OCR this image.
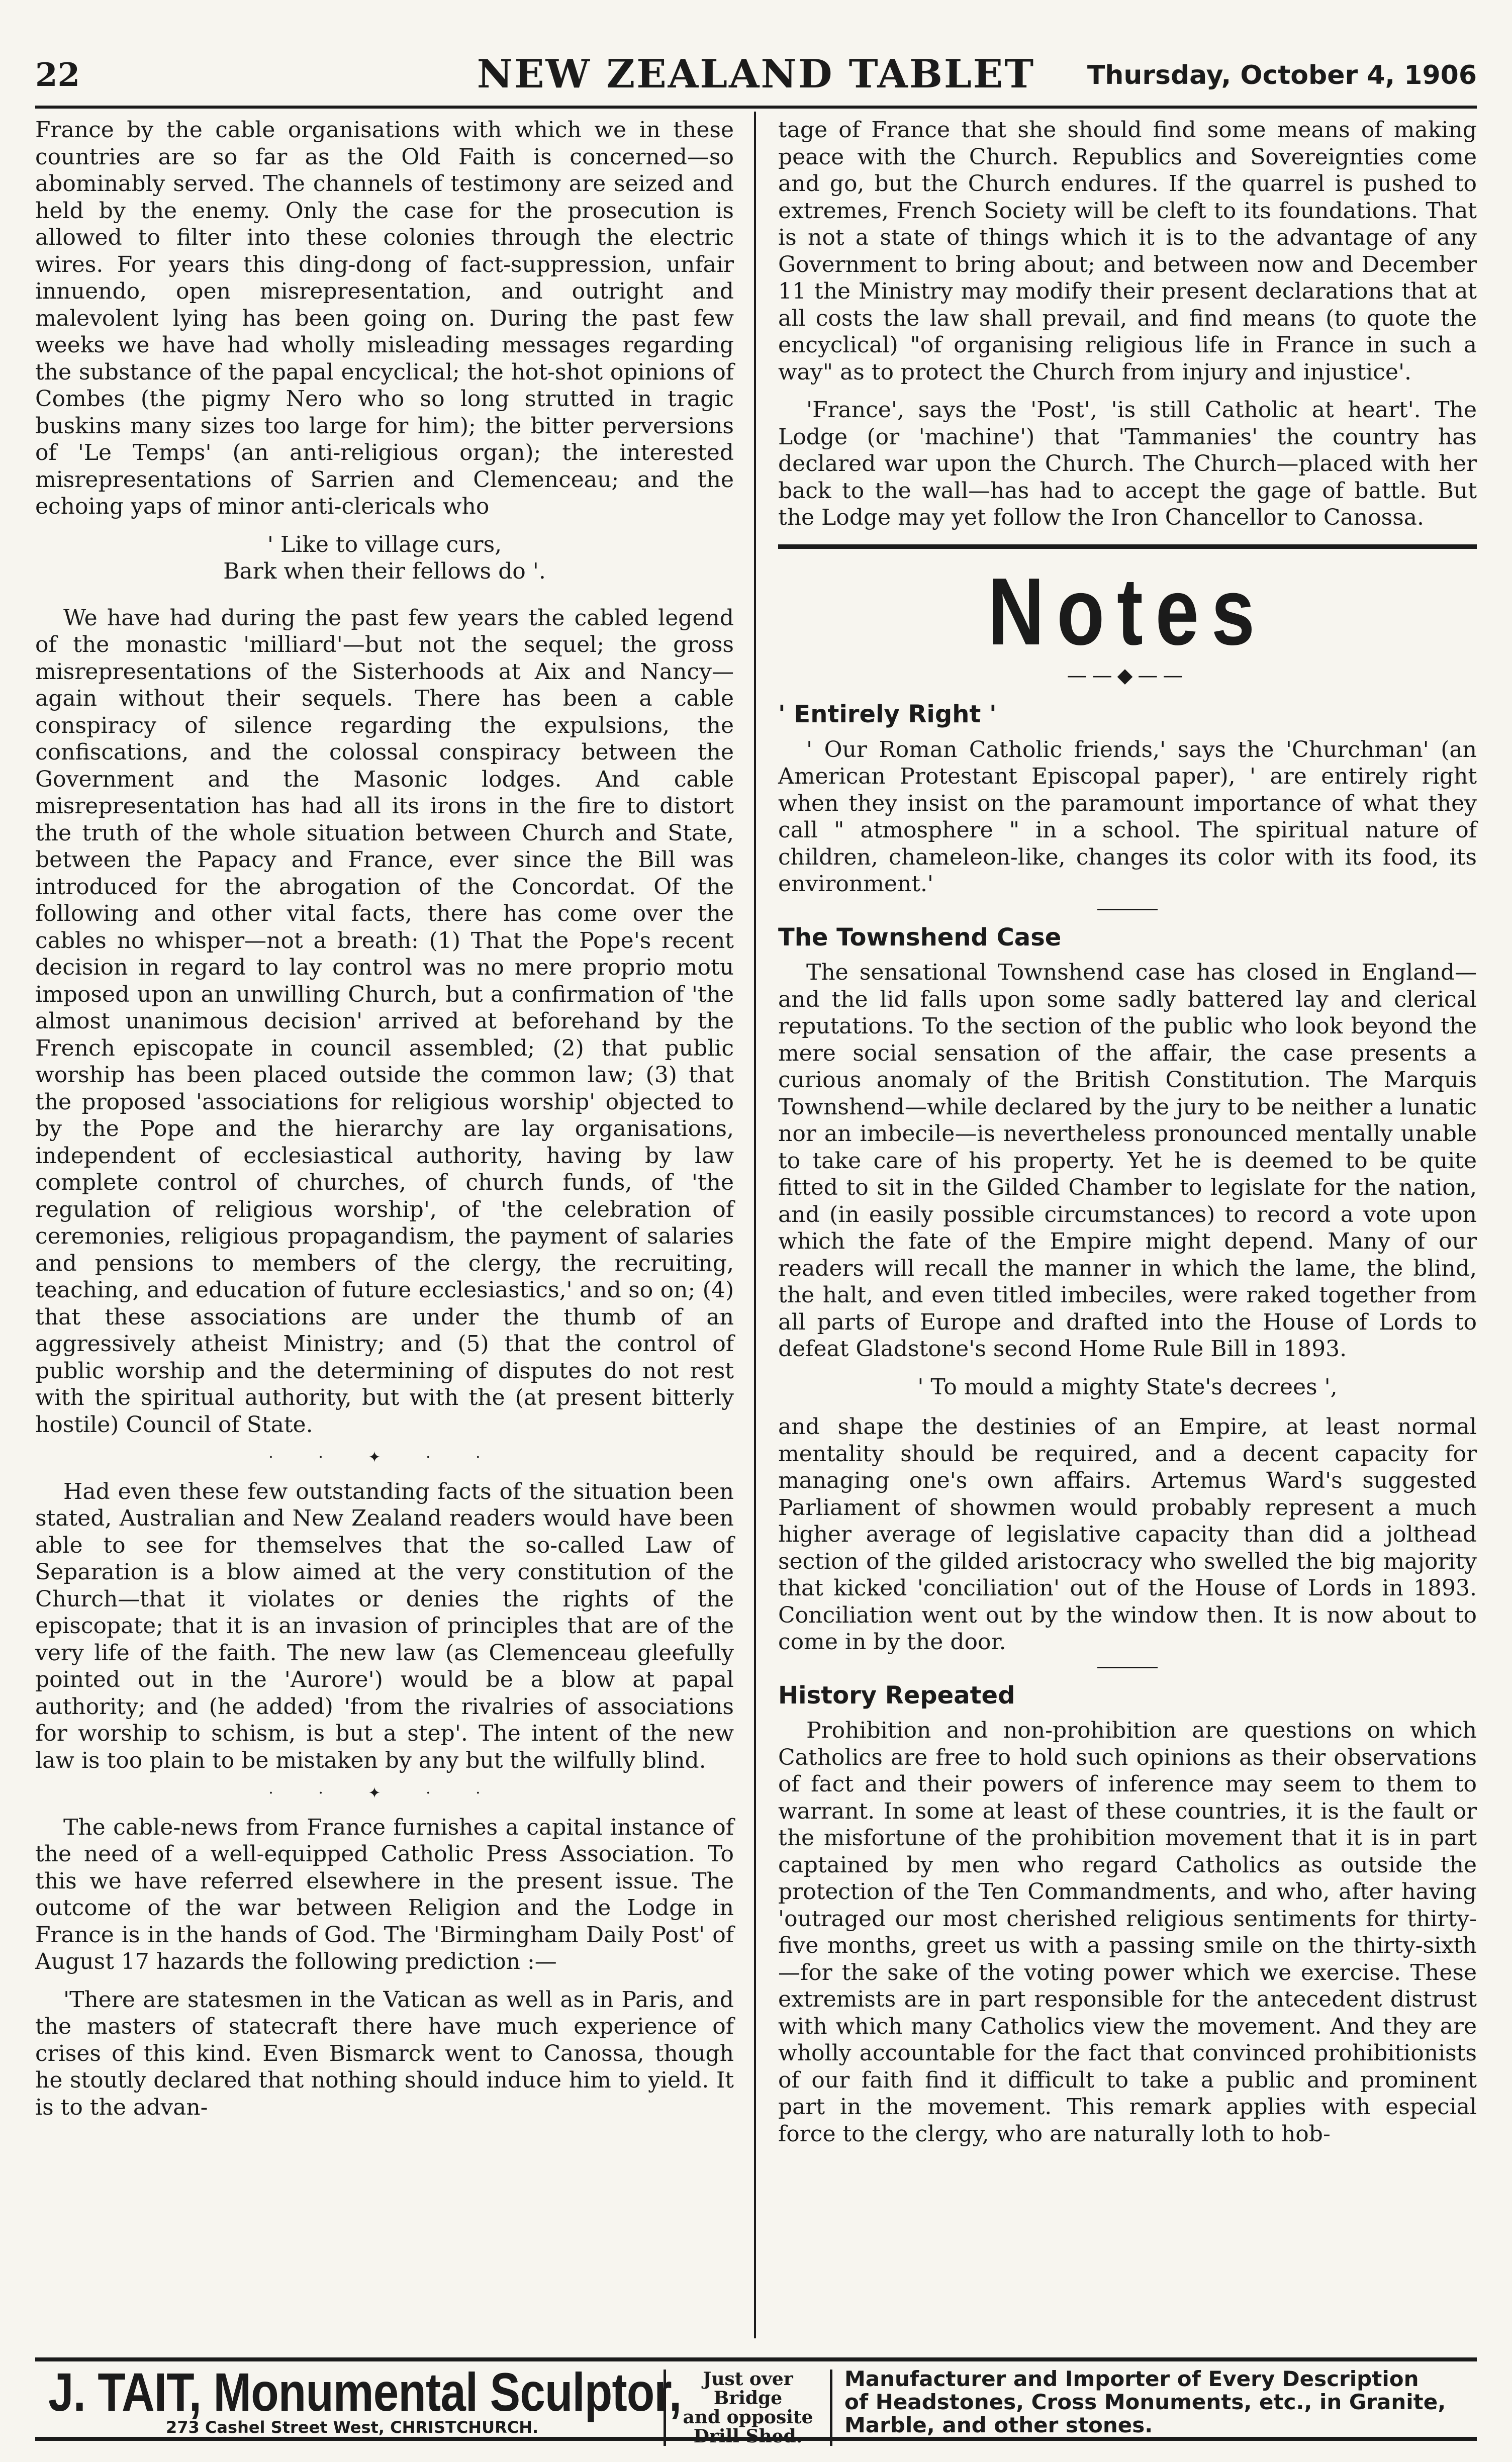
22	NEW ZEALAND TABLET	Thursday, October 4, 1906

France by the cable organisations with which we in these countries are so far as the Old Faith is concerned—so abominably served. The channels of testimony are seized and held by the enemy. Only the case for the prosecution is allowed to filter into these colonies through the electric wires. For years this ding-dong of fact-suppression, unfair innuendo, open misrepresentation, and outright and malevolent lying has been going on. During the past few weeks we have had wholly misleading messages regarding the substance of the papal encyclical; the hot-shot opinions of Combes (the pigmy Nero who so long strutted in tragic buskins many sizes too large for him); the bitter perversions of 'Le Temps' (an anti-religious organ); the interested misrepresentations of Sarrien and Clemenceau; and the echoing yaps of minor anti-clericals who

' Like to village curs,
Bark when their fellows do '.

We have had during the past few years the cabled legend of the monastic 'milliard'—but not the sequel; the gross misrepresentations of the Sisterhoods at Aix and Nancy—again without their sequels. There has been a cable conspiracy of silence regarding the expulsions, the confiscations, and the colossal conspiracy between the Government and the Masonic lodges. And cable misrepresentation has had all its irons in the fire to distort the truth of the whole situation between Church and State, between the Papacy and France, ever since the Bill was introduced for the abrogation of the Concordat. Of the following and other vital facts, there has come over the cables no whisper—not a breath: (1) That the Pope's recent decision in regard to lay control was no mere proprio motu imposed upon an unwilling Church, but a confirmation of 'the almost unanimous decision' arrived at beforehand by the French episcopate in council assembled; (2) that public worship has been placed outside the common law; (3) that the proposed 'associations for religious worship' objected to by the Pope and the hierarchy are lay organisations, independent of ecclesiastical authority, having by law complete control of churches, of church funds, of 'the regulation of religious worship', of 'the celebration of ceremonies, religious propagandism, the payment of salaries and pensions to members of the clergy, the recruiting, teaching, and education of future ecclesiastics,' and so on; (4) that these associations are under the thumb of an aggressively atheist Ministry; and (5) that the control of public worship and the determining of disputes do not rest with the spiritual authority, but with the (at present bitterly hostile) Council of State.

· · ✦ · ·

Had even these few outstanding facts of the situation been stated, Australian and New Zealand readers would have been able to see for themselves that the so-called Law of Separation is a blow aimed at the very constitution of the Church—that it violates or denies the rights of the episcopate; that it is an invasion of principles that are of the very life of the faith. The new law (as Clemenceau gleefully pointed out in the 'Aurore') would be a blow at papal authority; and (he added) 'from the rivalries of associations for worship to schism, is but a step'. The intent of the new law is too plain to be mistaken by any but the wilfully blind.

· · ✦ · ·

The cable-news from France furnishes a capital instance of the need of a well-equipped Catholic Press Association. To this we have referred elsewhere in the present issue. The outcome of the war between Religion and the Lodge in France is in the hands of God. The 'Birmingham Daily Post' of August 17 hazards the following prediction :—

'There are statesmen in the Vatican as well as in Paris, and the masters of statecraft there have much experience of crises of this kind. Even Bismarck went to Canossa, though he stoutly declared that nothing should induce him to yield. It is to the advan-

tage of France that she should find some means of making peace with the Church. Republics and Sovereignties come and go, but the Church endures. If the quarrel is pushed to extremes, French Society will be cleft to its foundations. That is not a state of things which it is to the advantage of any Government to bring about; and between now and December 11 the Ministry may modify their present declarations that at all costs the law shall prevail, and find means (to quote the encyclical) "of organising religious life in France in such a way" as to protect the Church from injury and injustice'.

'France', says the 'Post', 'is still Catholic at heart'. The Lodge (or 'machine') that 'Tammanies' the country has declared war upon the Church. The Church—placed with her back to the wall—has had to accept the gage of battle. But the Lodge may yet follow the Iron Chancellor to Canossa.

Notes
——◆——
' Entirely Right '

' Our Roman Catholic friends,' says the 'Churchman' (an American Protestant Episcopal paper), ' are entirely right when they insist on the paramount importance of what they call " atmosphere " in a school. The spiritual nature of children, chameleon-like, changes its color with its food, its environment.'

The Townshend Case

The sensational Townshend case has closed in England—and the lid falls upon some sadly battered lay and clerical reputations. To the section of the public who look beyond the mere social sensation of the affair, the case presents a curious anomaly of the British Constitution. The Marquis Townshend—while declared by the jury to be neither a lunatic nor an imbecile—is nevertheless pronounced mentally unable to take care of his property. Yet he is deemed to be quite fitted to sit in the Gilded Chamber to legislate for the nation, and (in easily possible circumstances) to record a vote upon which the fate of the Empire might depend. Many of our readers will recall the manner in which the lame, the blind, the halt, and even titled imbeciles, were raked together from all parts of Europe and drafted into the House of Lords to defeat Gladstone's second Home Rule Bill in 1893.

' To mould a mighty State's decrees ',

and shape the destinies of an Empire, at least normal mentality should be required, and a decent capacity for managing one's own affairs. Artemus Ward's suggested Parliament of showmen would probably represent a much higher average of legislative capacity than did a jolthead section of the gilded aristocracy who swelled the big majority that kicked 'conciliation' out of the House of Lords in 1893. Conciliation went out by the window then. It is now about to come in by the door.

History Repeated

Prohibition and non-prohibition are questions on which Catholics are free to hold such opinions as their observations of fact and their powers of inference may seem to them to warrant. In some at least of these countries, it is the fault or the misfortune of the prohibition movement that it is in part captained by men who regard Catholics as outside the protection of the Ten Commandments, and who, after having 'outraged our most cherished religious sentiments for thirty-five months, greet us with a passing smile on the thirty-sixth—for the sake of the voting power which we exercise. These extremists are in part responsible for the antecedent distrust with which many Catholics view the movement. And they are wholly accountable for the fact that convinced prohibitionists of our faith find it difficult to take a public and prominent part in the movement. This remark applies with especial force to the clergy, who are naturally loth to hob-

J. TAIT, Monumental Sculptor,
273 Cashel Street West, CHRISTCHURCH.
Just over Bridge
and opposite
Drill Shed.
Manufacturer and Importer of Every Description
of Headstones, Cross Monuments, etc., in Granite,
Marble, and other stones.
